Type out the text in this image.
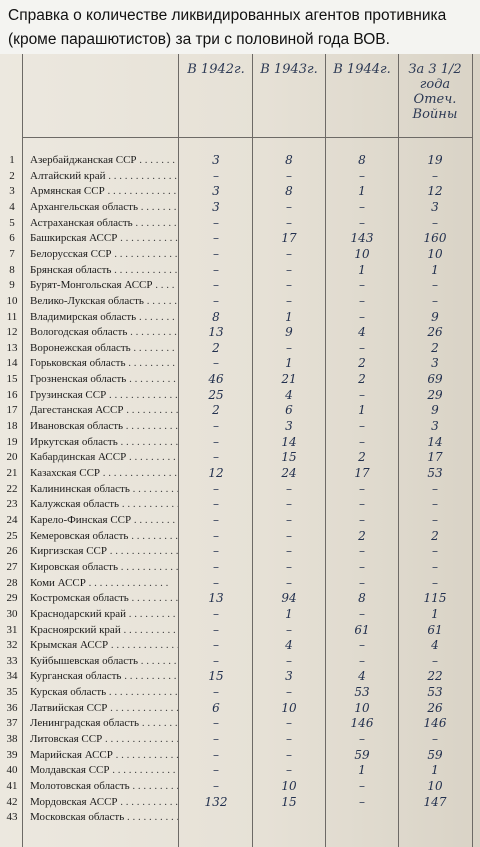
Справка о количестве ликвидированных агентов противника (кроме парашютистов) за три с половиной года ВОВ.
В 1942г.	В 1943г.	В 1944г.	За 3 1/2 года Отеч. Войны
1	Азербайджанская ССР . . .	3	8	8	19
2	Алтайский край . . .	–	–	–	–
3	Армянская ССР . . .	3	8	1	12
4	Архангельская область . . .	3	–	–	3
5	Астраханская область . . .	–	–	–	–
6	Башкирская АССР . . .	–	17	143	160
7	Белорусская ССР . . .	–	–	10	10
8	Брянская область . . .	–	–	1	1
9	Бурят-Монгольская АССР . . .	–	–	–	–
10	Велико-Лукская область . . .	–	–	–	–
11	Владимирская область . . .	8	1	–	9
12	Вологодская область . . .	13	9	4	26
13	Воронежская область . . .	2	–	–	2
14	Горьковская область . . .	–	1	2	3
15	Грозненская область . . .	46	21	2	69
16	Грузинская ССР . . .	25	4	–	29
17	Дагестанская АССР . . .	2	6	1	9
18	Ивановская область . . .	–	3	–	3
19	Иркутская область . . .	–	14	–	14
20	Кабардинская АССР . . .	–	15	2	17
21	Казахская ССР . . .	12	24	17	53
22	Калининская область . . .	–	–	–	–
23	Калужская область . . .	–	–	–	–
24	Карело-Финская ССР . . .	–	–	–	–
25	Кемеровская область . . .	–	–	2	2
26	Киргизская ССР . . .	–	–	–	–
27	Кировская область . . .	–	–	–	–
28	Коми АССР . . .	–	–	–	–
29	Костромская область . . .	13	94	8	115
30	Краснодарский край . . .	–	1	–	1
31	Красноярский край . . .	–	–	61	61
32	Крымская АССР . . .	–	4	–	4
33	Куйбышевская область . . .	–	–	–	–
34	Курганская область . . .	15	3	4	22
35	Курская область . . .	–	–	53	53
36	Латвийская ССР . . .	6	10	10	26
37	Ленинградская область . . .	–	–	146	146
38	Литовская ССР . . .	–	–	–	–
39	Марийская АССР . . .	–	–	59	59
40	Молдавская ССР . . .	–	–	1	1
41	Молотовская область . . .	–	10	–	10
42	Мордовская АССР . . .	132	15	–	147
43	Московская область . . .
